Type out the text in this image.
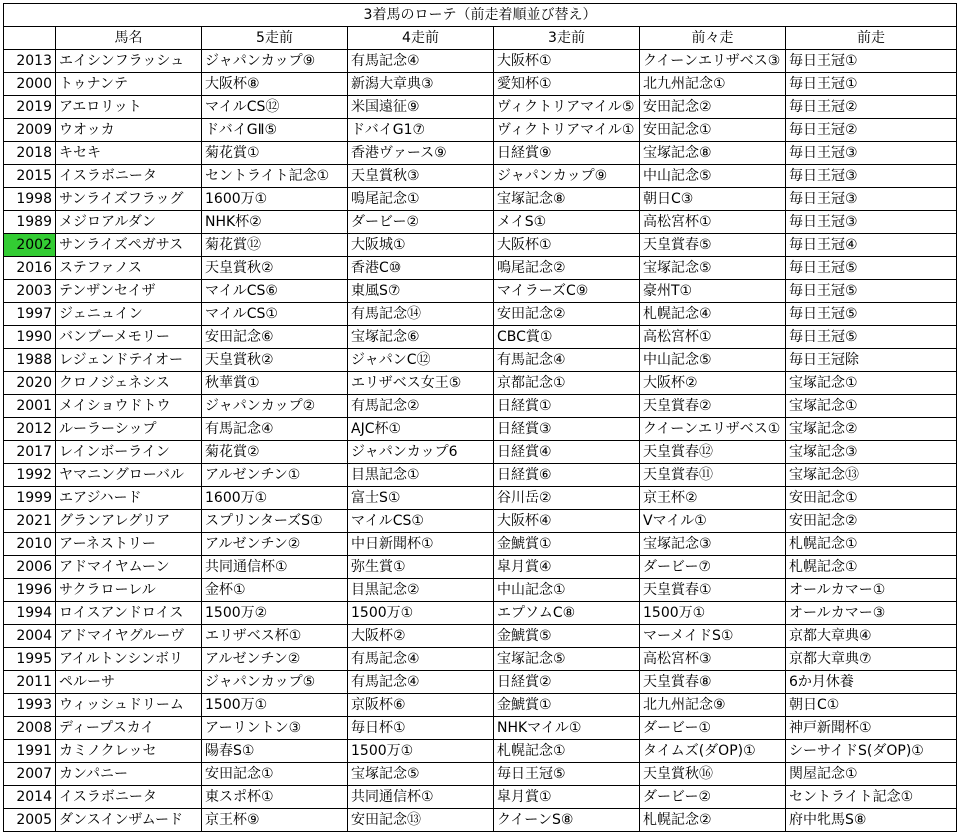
3着馬のローテ（前走着順並び替え）						
	馬名	5走前	4走前	3走前	前々走	前走
2013	エイシンフラッシュ	ジャパンカップ⑨	有馬記念④	大阪杯①	クイーンエリザベス③	毎日王冠①
2000	トゥナンテ	大阪杯⑧	新潟大章典③	愛知杯①	北九州記念①	毎日王冠①
2019	アエロリット	マイルCS⑫	米国遠征⑨	ヴィクトリアマイル⑤	安田記念②	毎日王冠②
2009	ウオッカ	ドバイGⅡ⑤	ドバイG1⑦	ヴィクトリアマイル①	安田記念①	毎日王冠②
2018	キセキ	菊花賞①	香港ヴァース⑨	日経賞⑨	宝塚記念⑧	毎日王冠③
2015	イスラボニータ	セントライト記念①	天皇賞秋③	ジャパンカップ⑨	中山記念⑤	毎日王冠③
1998	サンライズフラッグ	1600万①	鳴尾記念①	宝塚記念⑧	朝日C③	毎日王冠③
1989	メジロアルダン	NHK杯②	ダービー②	メイS①	高松宮杯①	毎日王冠③
2002	サンライズペガサス	菊花賞⑫	大阪城①	大阪杯①	天皇賞春⑤	毎日王冠④
2016	ステファノス	天皇賞秋②	香港C⑩	鳴尾記念②	宝塚記念⑤	毎日王冠⑤
2003	テンザンセイザ	マイルCS⑥	東風S⑦	マイラーズC⑨	豪州T①	毎日王冠⑤
1997	ジェニュイン	マイルCS①	有馬記念⑭	安田記念②	札幌記念④	毎日王冠⑤
1990	バンブーメモリー	安田記念⑥	宝塚記念⑥	CBC賞①	高松宮杯①	毎日王冠⑤
1988	レジェンドテイオー	天皇賞秋②	ジャパンC⑫	有馬記念④	中山記念⑤	毎日王冠除
2020	クロノジェネシス	秋華賞①	エリザベス女王⑤	京都記念①	大阪杯②	宝塚記念①
2001	メイショウドトウ	ジャパンカップ②	有馬記念②	日経賞①	天皇賞春②	宝塚記念①
2012	ルーラーシップ	有馬記念④	AJC杯①	日経賞③	クイーンエリザベス①	宝塚記念②
2017	レインボーライン	菊花賞②	ジャパンカップ6	日経賞④	天皇賞春⑫	宝塚記念③
1992	ヤマニングローバル	アルゼンチン①	目黒記念①	日経賞⑥	天皇賞春⑪	宝塚記念⑬
1999	エアジハード	1600万①	富士S①	谷川岳②	京王杯②	安田記念①
2021	グランアレグリア	スプリンターズS①	マイルCS①	大阪杯④	Vマイル①	安田記念②
2010	アーネストリー	アルゼンチン②	中日新聞杯①	金鯱賞①	宝塚記念③	札幌記念①
2006	アドマイヤムーン	共同通信杯①	弥生賞①	皐月賞④	ダービー⑦	札幌記念①
1996	サクラローレル	金杯①	目黒記念②	中山記念①	天皇賞春①	オールカマー①
1994	ロイスアンドロイス	1500万②	1500万①	エプソムC⑧	1500万①	オールカマー③
2004	アドマイヤグルーヴ	エリザベス杯①	大阪杯②	金鯱賞⑤	マーメイドS①	京都大章典④
1995	アイルトンシンボリ	アルゼンチン②	有馬記念④	宝塚記念⑤	高松宮杯③	京都大章典⑦
2011	ペルーサ	ジャパンカップ⑤	有馬記念④	日経賞②	天皇賞春⑧	6か月休養
1993	ウィッシュドリーム	1500万①	京阪杯⑥	金鯱賞①	北九州記念⑨	朝日C①
2008	ディープスカイ	アーリントン③	毎日杯①	NHKマイル①	ダービー①	神戸新聞杯①
1991	カミノクレッセ	陽春S①	1500万①	札幌記念①	タイムズ(ダOP)①	シーサイドS(ダOP)①
2007	カンパニー	安田記念①	宝塚記念⑤	毎日王冠⑤	天皇賞秋⑯	関屋記念①
2014	イスラボニータ	東スポ杯①	共同通信杯①	皐月賞①	ダービー②	セントライト記念①
2005	ダンスインザムード	京王杯⑨	安田記念⑬	クイーンS⑧	札幌記念②	府中牝馬S⑧
